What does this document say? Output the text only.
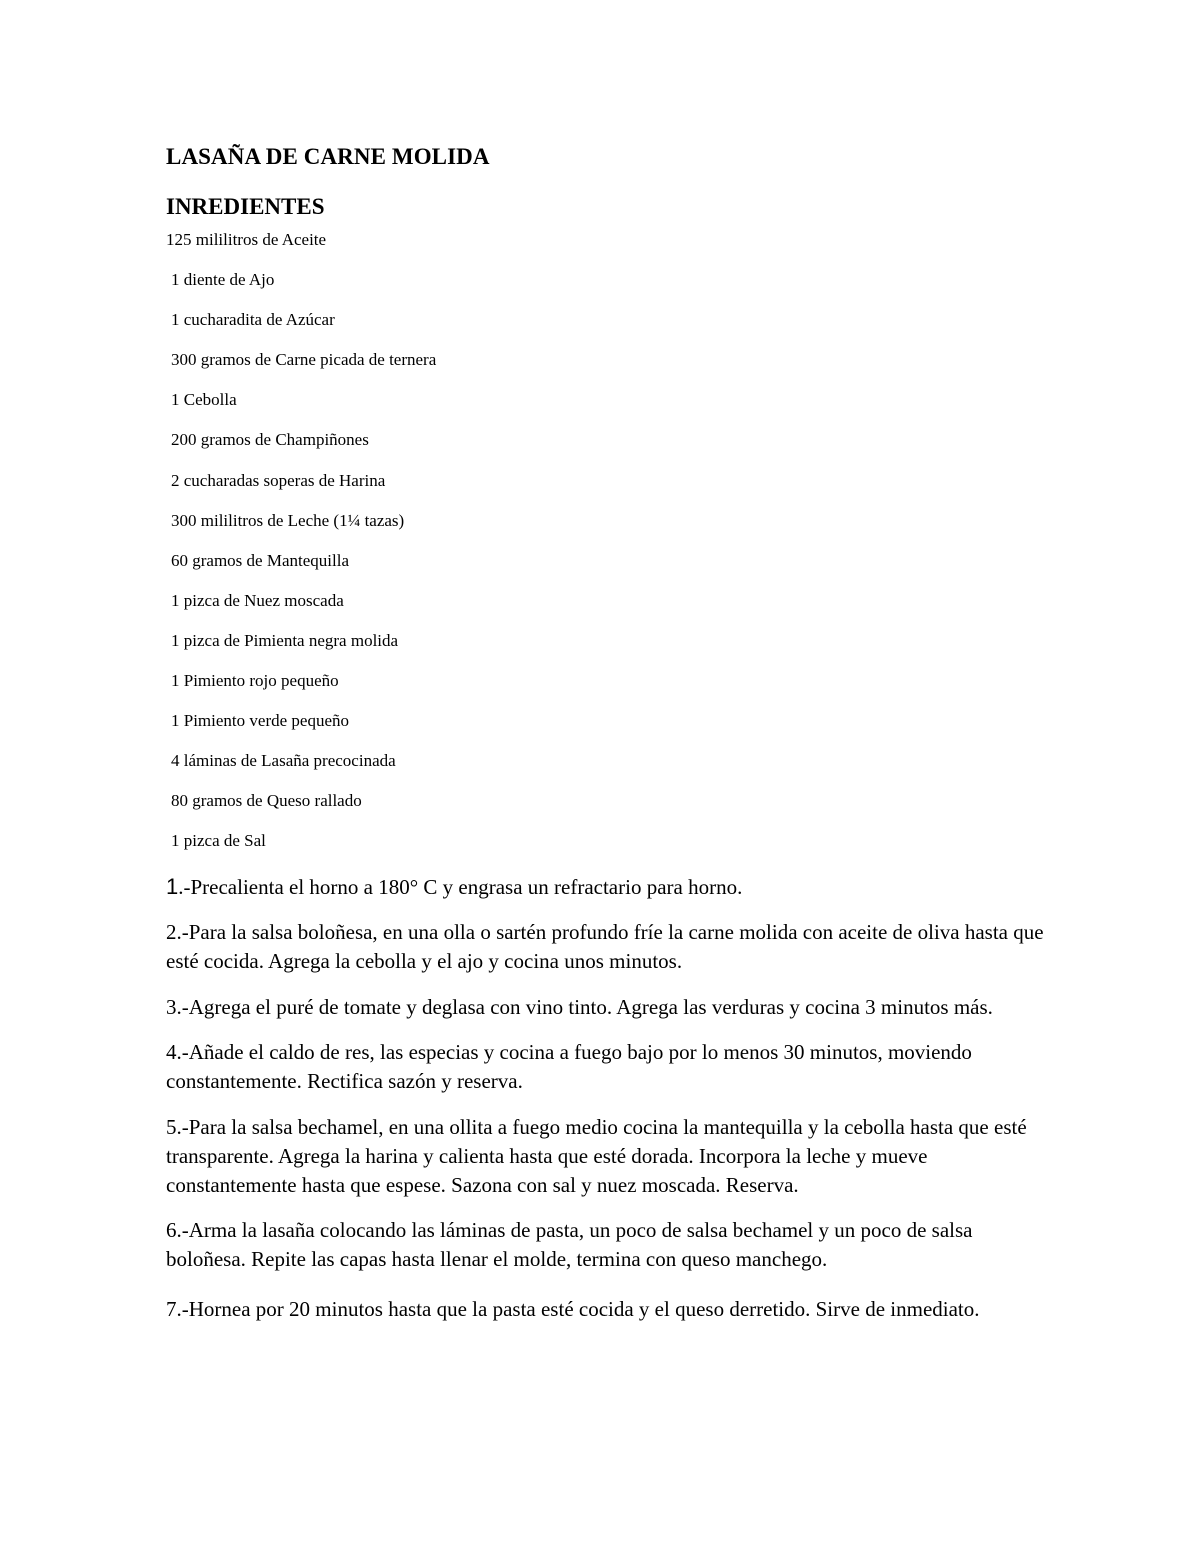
LASAÑA DE CARNE MOLIDA
INREDIENTES
125 mililitros de Aceite
1 diente de Ajo
1 cucharadita de Azúcar
300 gramos de Carne picada de ternera
1 Cebolla
200 gramos de Champiñones
2 cucharadas soperas de Harina
300 mililitros de Leche (1¼ tazas)
60 gramos de Mantequilla
1 pizca de Nuez moscada
1 pizca de Pimienta negra molida
1 Pimiento rojo pequeño
1 Pimiento verde pequeño
4 láminas de Lasaña precocinada
80 gramos de Queso rallado
1 pizca de Sal
1.-Precalienta el horno a 180° C y engrasa un refractario para horno.
2.-Para la salsa boloñesa, en una olla o sartén profundo fríe la carne molida con aceite de oliva hasta que esté cocida. Agrega la cebolla y el ajo y cocina unos minutos.
3.-Agrega el puré de tomate y deglasa con vino tinto. Agrega las verduras y cocina 3 minutos más.
4.-Añade el caldo de res, las especias y cocina a fuego bajo por lo menos 30 minutos, moviendo constantemente. Rectifica sazón y reserva.
5.-Para la salsa bechamel, en una ollita a fuego medio cocina la mantequilla y la cebolla hasta que esté transparente. Agrega la harina y calienta hasta que esté dorada. Incorpora la leche y mueve constantemente hasta que espese. Sazona con sal y nuez moscada. Reserva.
6.-Arma la lasaña colocando las láminas de pasta, un poco de salsa bechamel y un poco de salsa boloñesa. Repite las capas hasta llenar el molde, termina con queso manchego.
7.-Hornea por 20 minutos hasta que la pasta esté cocida y el queso derretido. Sirve de inmediato.
